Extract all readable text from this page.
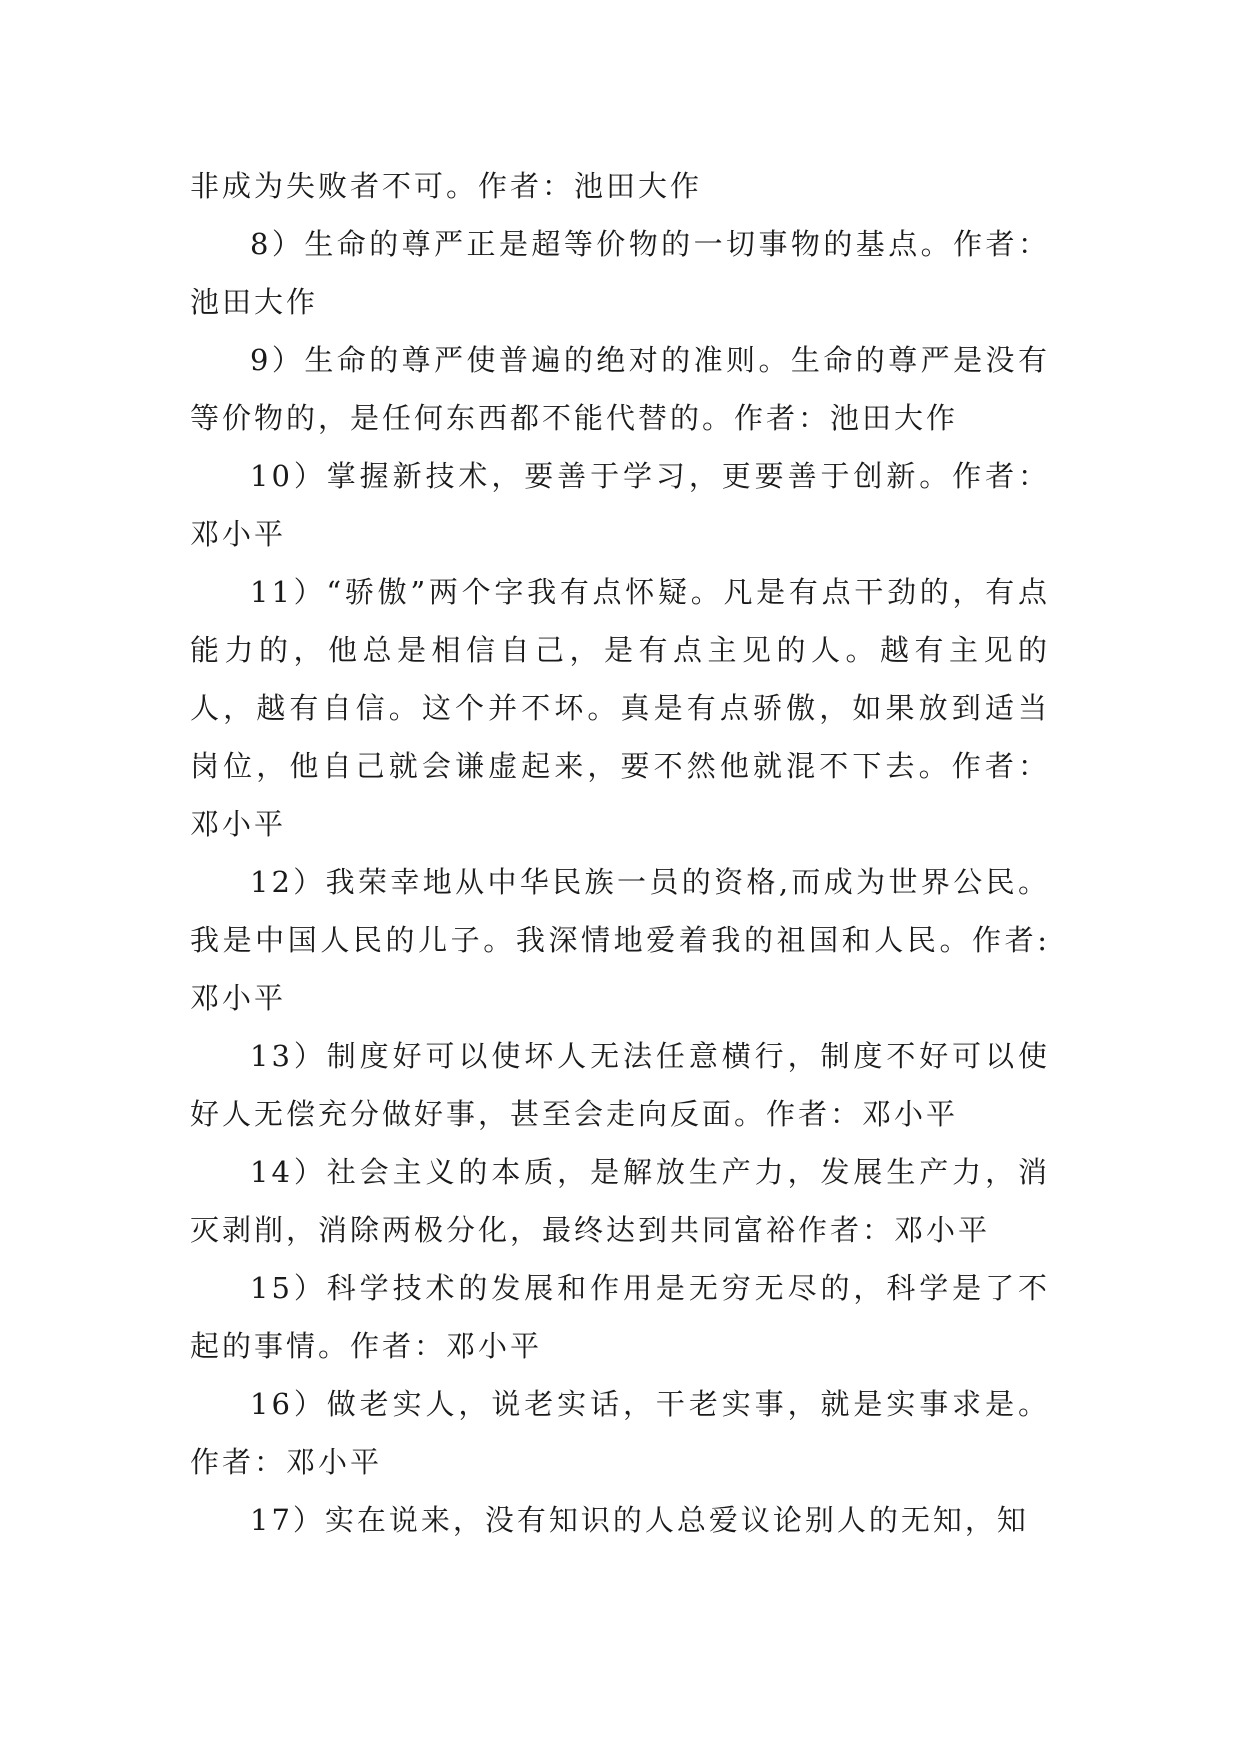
非成为失败者不可。作者：池田大作

8）生命的尊严正是超等价物的一切事物的基点。作者：池田大作

9）生命的尊严使普遍的绝对的准则。生命的尊严是没有等价物的，是任何东西都不能代替的。作者：池田大作

10）掌握新技术，要善于学习，更要善于创新。作者：邓小平

11）“骄傲”两个字我有点怀疑。凡是有点干劲的，有点能力的，他总是相信自己，是有点主见的人。越有主见的人，越有自信。这个并不坏。真是有点骄傲，如果放到适当岗位，他自己就会谦虚起来，要不然他就混不下去。作者：邓小平

12）我荣幸地从中华民族一员的资格,而成为世界公民。我是中国人民的儿子。我深情地爱着我的祖国和人民。作者:邓小平

13）制度好可以使坏人无法任意横行，制度不好可以使好人无偿充分做好事，甚至会走向反面。作者：邓小平

14）社会主义的本质，是解放生产力，发展生产力，消灭剥削，消除两极分化，最终达到共同富裕作者：邓小平

15）科学技术的发展和作用是无穷无尽的，科学是了不起的事情。作者：邓小平

16）做老实人，说老实话，干老实事，就是实事求是。作者：邓小平

17）实在说来，没有知识的人总爱议论别人的无知，知
